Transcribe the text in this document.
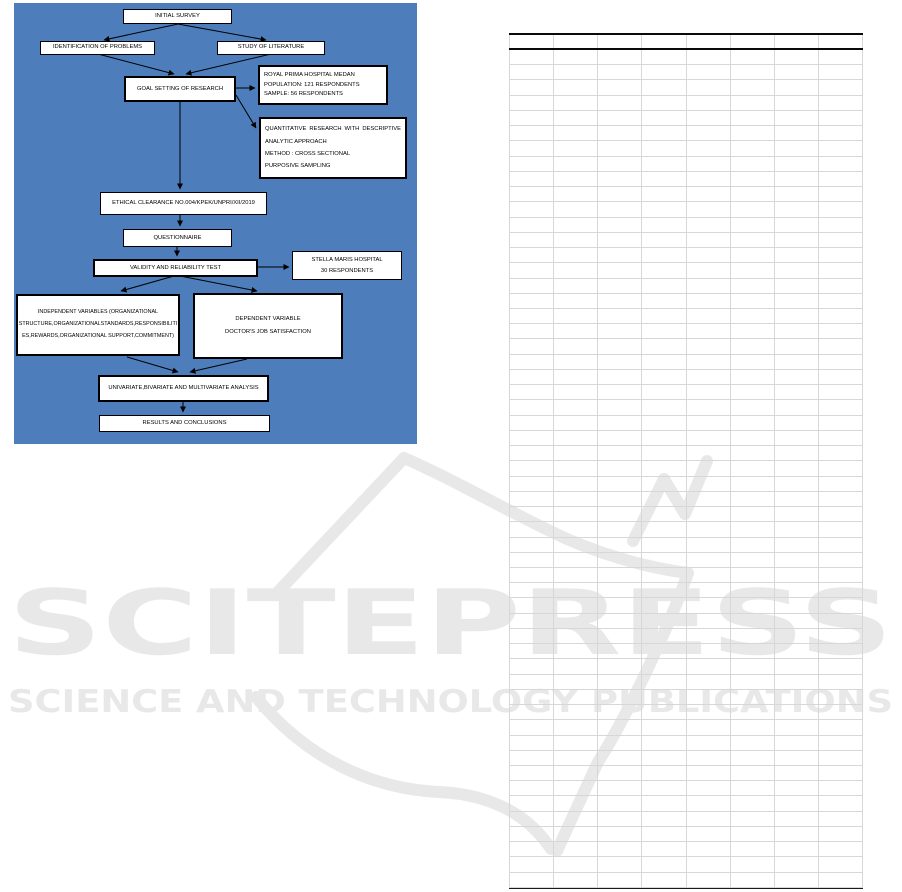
SCITEPRESS
SCIENCE AND TECHNOLOGY PUBLICATIONS
INITIAL SURVEY
IDENTIFICATION OF PROBLEMS	STUDY OF LITERATURE
GOAL SETTING OF RESEARCH
ROYAL PRIMA HOSPITAL MEDAN
POPULATION: 121 RESPONDENTS
SAMPLE: 56 RESPONDENTS
QUANTITATIVE RESEARCH WITH DESCRIPTIVE
ANALYTIC APPROACH
METHOD : CROSS SECTIONAL
PURPOSIVE SAMPLING
ETHICAL CLEARANCE NO.004/KPEK/UNPRI/XII/2019
QUESTIONNAIRE
VALIDITY AND RELIABILITY TEST
STELLA MARIS HOSPITAL
30 RESPONDENTS
INDEPENDENT VARIABLES (ORGANIZATIONAL
STRUCTURE,ORGANIZATIONALSTANDARDS,RESPONSIBILITI
ES,REWARDS,ORGANIZATIONAL SUPPORT,COMMITMENT)
DEPENDENT VARIABLE
DOCTOR'S JOB SATISFACTION
UNIVARIATE,BIVARIATE AND MULTIVARIATE ANALYSIS
RESULTS AND CONCLUSIONS
